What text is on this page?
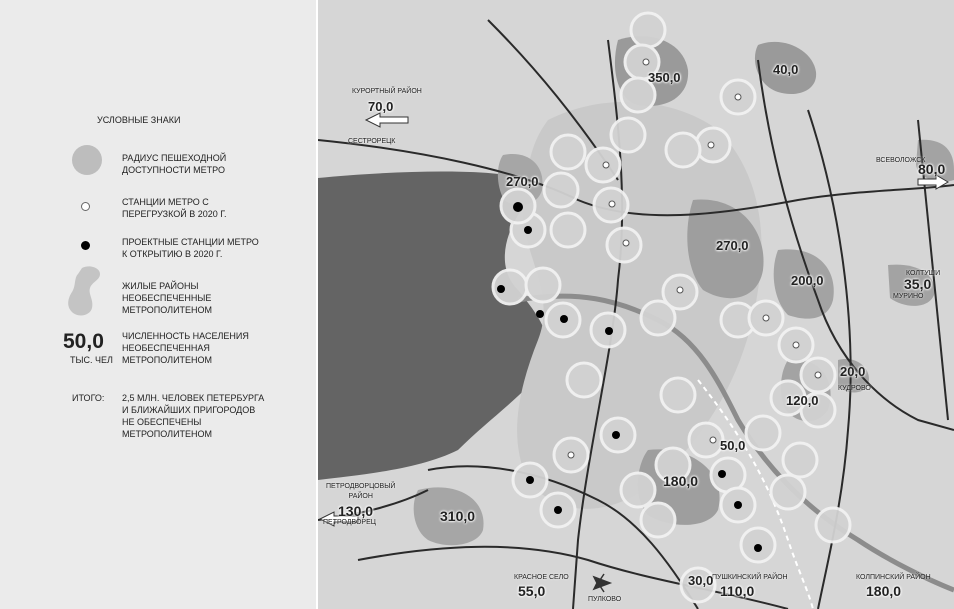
УСЛОВНЫЕ ЗНАКИ
РАДИУС ПЕШЕХОДНОЙ
ДОСТУПНОСТИ МЕТРО
СТАНЦИИ МЕТРО С
ПЕРЕГРУЗКОЙ В 2020 Г.
ПРОЕКТНЫЕ СТАНЦИИ МЕТРО
К ОТКРЫТИЮ В 2020 Г.
ЖИЛЫЕ РАЙОНЫ
НЕОБЕСПЕЧЕННЫЕ
МЕТРОПОЛИТЕНОМ
50,0
ТЫС. ЧЕЛ
ЧИСЛЕННОСТЬ НАСЕЛЕНИЯ
НЕОБЕСПЕЧЕННАЯ
МЕТРОПОЛИТЕНОМ
ИТОГО: 2,5 МЛН. ЧЕЛОВЕК ПЕТЕРБУРГА
И БЛИЖАЙШИХ ПРИГОРОДОВ
НЕ ОБЕСПЕЧЕНЫ
МЕТРОПОЛИТЕНОМ
КУРОРТНЫЙ РАЙОН
СЕСТРОРЕЦК
ПЕТРОДВОРЦОВЫЙ
РАЙОН
ПЕТРОДВОРЕЦ
КРАСНОЕ СЕЛО
ПУЛКОВО
ПУШКИНСКИЙ РАЙОН	КОЛПИНСКИЙ РАЙОН
ВСЕВОЛОЖСК
КУДРОВО
МУРИНО
КОЛТУШИ
350,0
40,0
70,0
270,0
270,0
80,0
200,0	35,0
20,0
120,0
50,0
180,0
310,0
130,0
30,0
55,0	110,0	180,0
